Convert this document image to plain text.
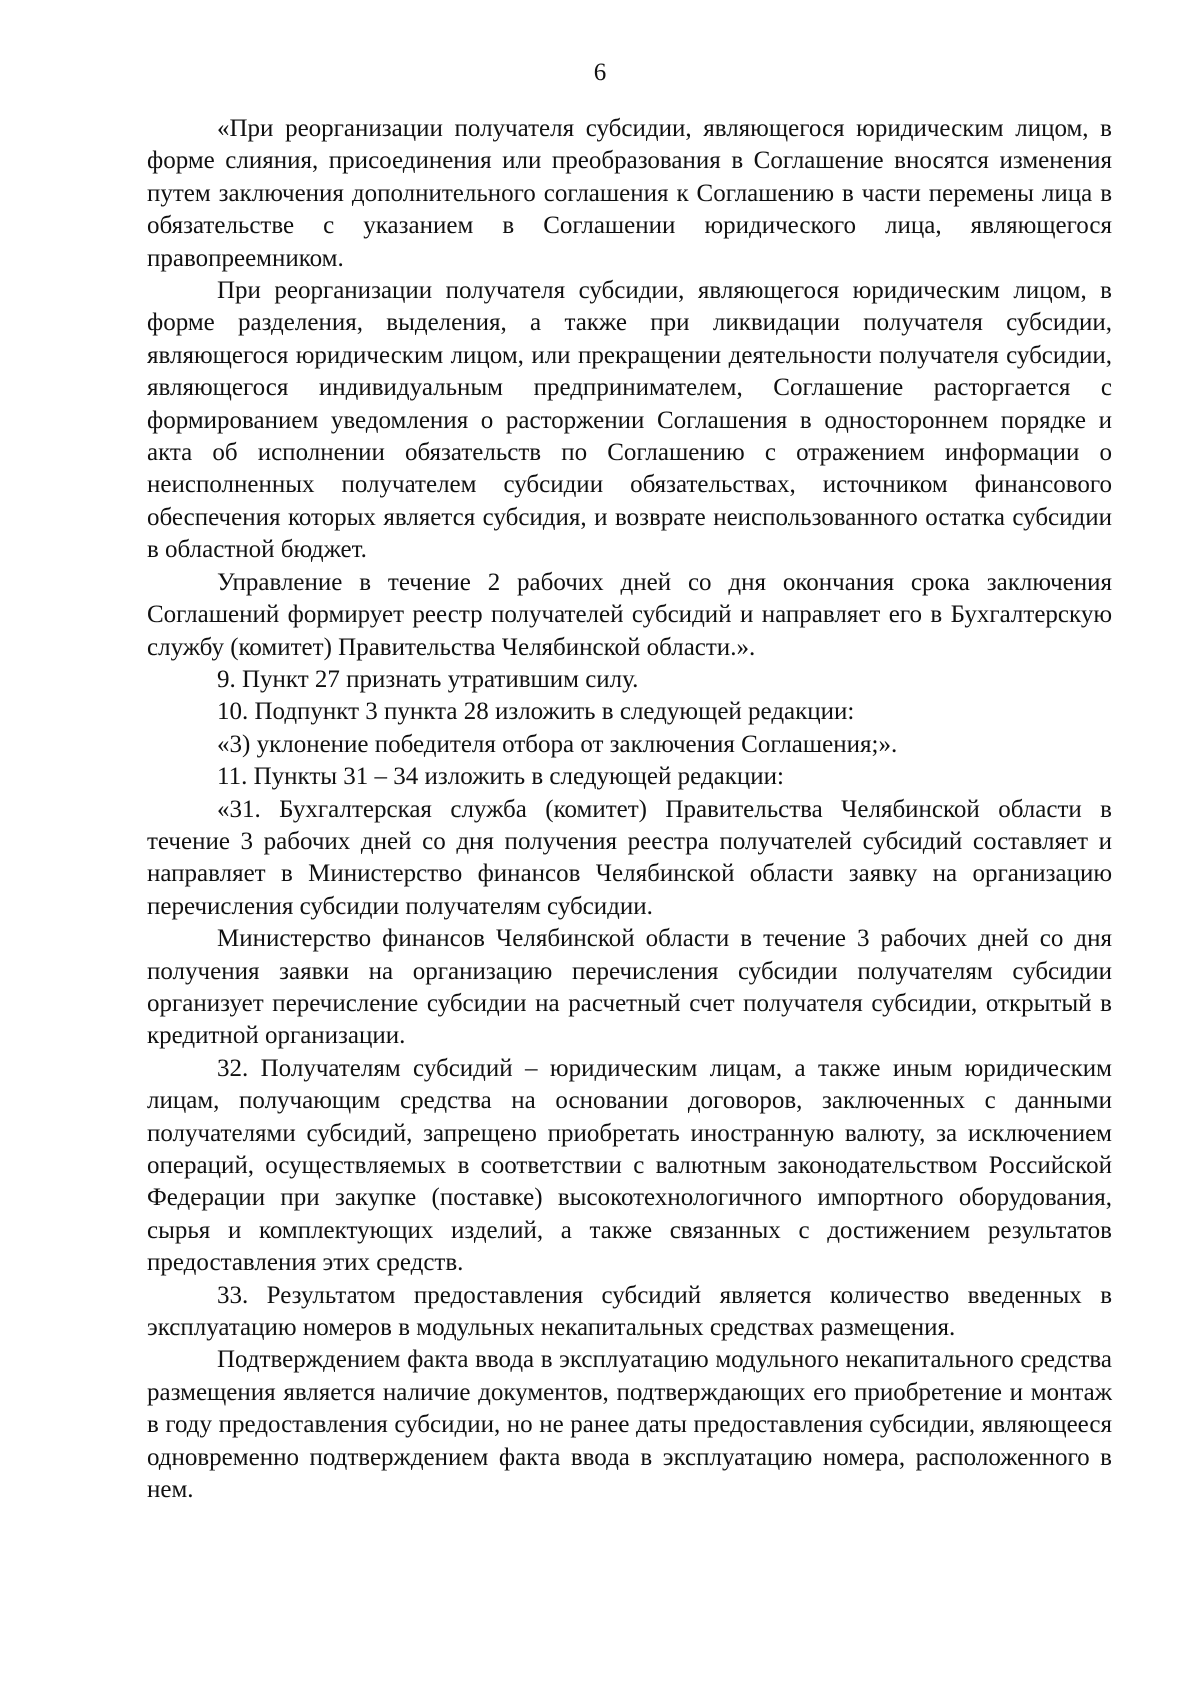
6

«При реорганизации получателя субсидии, являющегося юридическим лицом, в форме слияния, присоединения или преобразования в Соглашение вносятся изменения путем заключения дополнительного соглашения к Соглашению в части перемены лица в обязательстве с указанием в Соглашении юридического лица, являющегося правопреемником.

При реорганизации получателя субсидии, являющегося юридическим лицом, в форме разделения, выделения, а также при ликвидации получателя субсидии, являющегося юридическим лицом, или прекращении деятельности получателя субсидии, являющегося индивидуальным предпринимателем, Соглашение расторгается с формированием уведомления о расторжении Соглашения в одностороннем порядке и акта об исполнении обязательств по Соглашению с отражением информации о неисполненных получателем субсидии обязательствах, источником финансового обеспечения которых является субсидия, и возврате неиспользованного остатка субсидии в областной бюджет.

Управление в течение 2 рабочих дней со дня окончания срока заключения Соглашений формирует реестр получателей субсидий и направляет его в Бухгалтерскую службу (комитет) Правительства Челябинской области.».

9. Пункт 27 признать утратившим силу.

10. Подпункт 3 пункта 28 изложить в следующей редакции:

«3) уклонение победителя отбора от заключения Соглашения;».

11. Пункты 31 – 34 изложить в следующей редакции:

«31. Бухгалтерская служба (комитет) Правительства Челябинской области в течение 3 рабочих дней со дня получения реестра получателей субсидий составляет и направляет в Министерство финансов Челябинской области заявку на организацию перечисления субсидии получателям субсидии.

Министерство финансов Челябинской области в течение 3 рабочих дней со дня получения заявки на организацию перечисления субсидии получателям субсидии организует перечисление субсидии на расчетный счет получателя субсидии, открытый в кредитной организации.

32. Получателям субсидий – юридическим лицам, а также иным юридическим лицам, получающим средства на основании договоров, заключенных с данными получателями субсидий, запрещено приобретать иностранную валюту, за исключением операций, осуществляемых в соответствии с валютным законодательством Российской Федерации при закупке (поставке) высокотехнологичного импортного оборудования, сырья и комплектующих изделий, а также связанных с достижением результатов предоставления этих средств.

33. Результатом предоставления субсидий является количество введенных в эксплуатацию номеров в модульных некапитальных средствах размещения.

Подтверждением факта ввода в эксплуатацию модульного некапитального средства размещения является наличие документов, подтверждающих его приобретение и монтаж в году предоставления субсидии, но не ранее даты предоставления субсидии, являющееся одновременно подтверждением факта ввода в эксплуатацию номера, расположенного в нем.
